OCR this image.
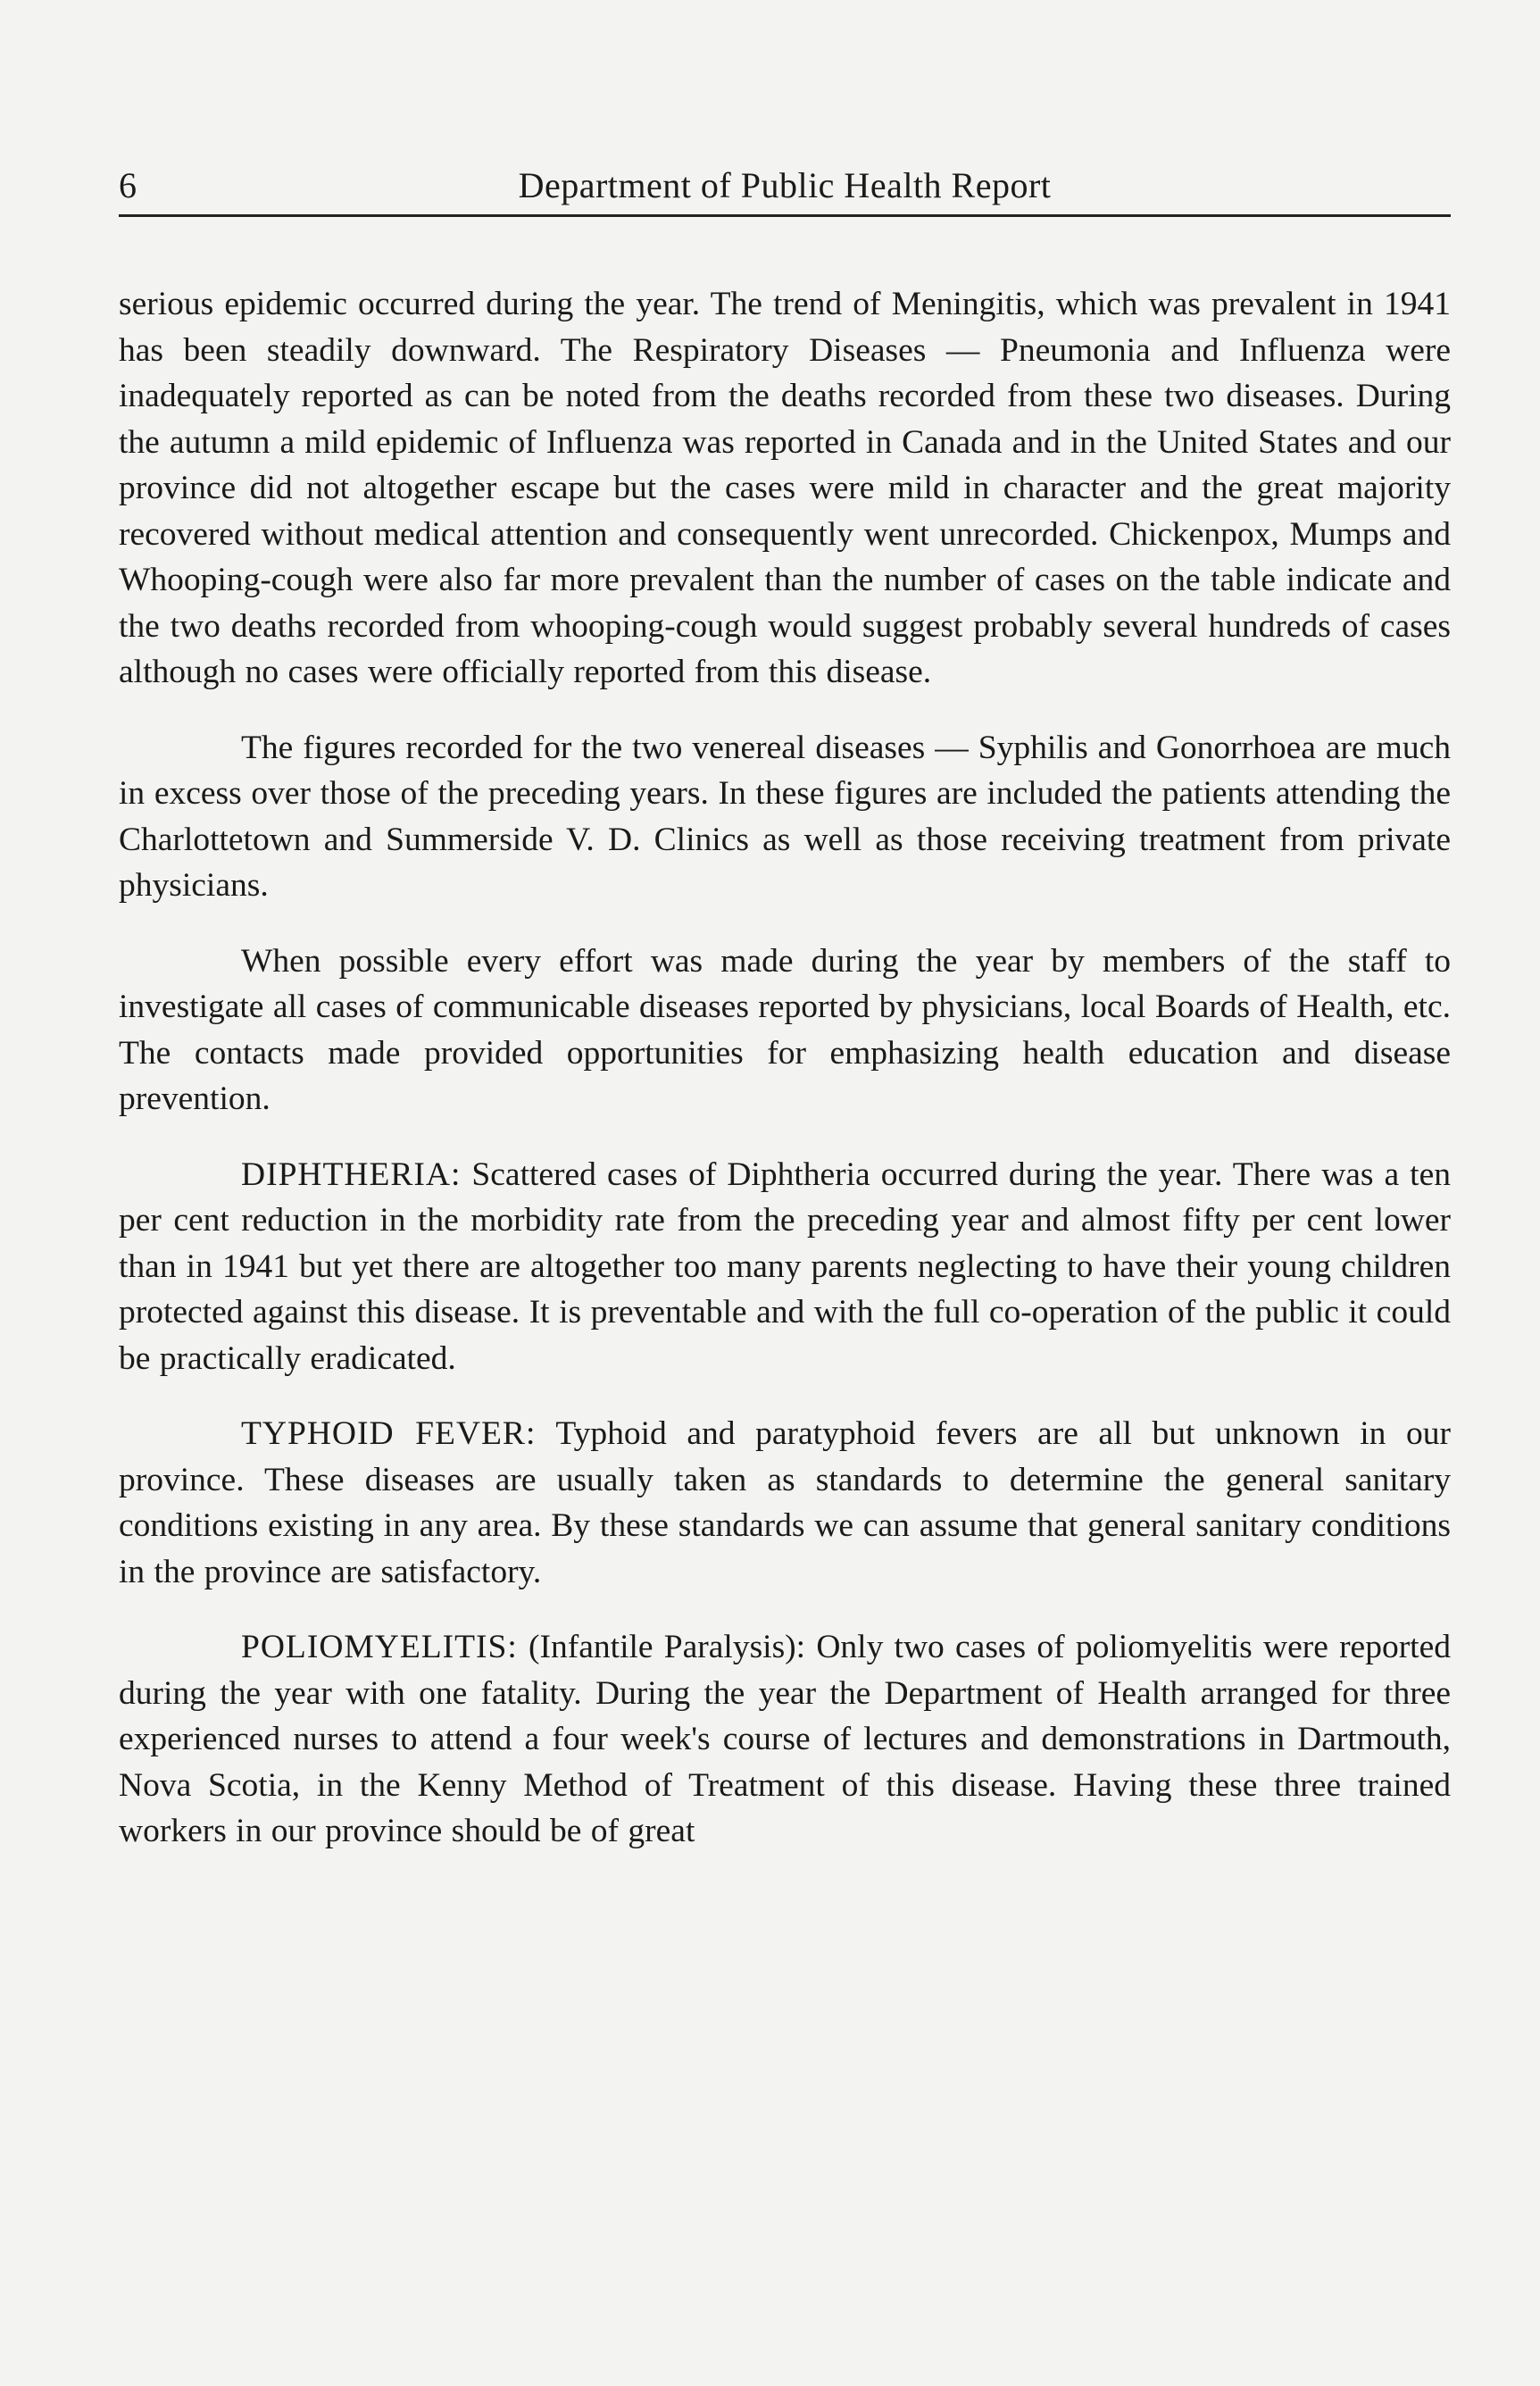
6	Department of Public Health Report

serious epidemic occurred during the year. The trend of Meningitis, which was prevalent in 1941 has been steadily downward. The Respiratory Diseases — Pneumonia and Influenza were inadequately reported as can be noted from the deaths recorded from these two diseases. During the autumn a mild epidemic of Influenza was reported in Canada and in the United States and our province did not altogether escape but the cases were mild in character and the great majority recovered without medical attention and consequently went unrecorded. Chickenpox, Mumps and Whooping-cough were also far more prevalent than the number of cases on the table indicate and the two deaths recorded from whooping-cough would suggest probably several hundreds of cases although no cases were officially reported from this disease.

The figures recorded for the two venereal diseases — Syphilis and Gonorrhoea are much in excess over those of the preceding years. In these figures are included the patients attending the Charlottetown and Summerside V. D. Clinics as well as those receiving treatment from private physicians.

When possible every effort was made during the year by members of the staff to investigate all cases of communicable diseases reported by physicians, local Boards of Health, etc. The contacts made provided opportunities for emphasizing health education and disease prevention.

DIPHTHERIA: Scattered cases of Diphtheria occurred during the year. There was a ten per cent reduction in the morbidity rate from the preceding year and almost fifty per cent lower than in 1941 but yet there are altogether too many parents neglecting to have their young children protected against this disease. It is preventable and with the full co-operation of the public it could be practically eradicated.

TYPHOID FEVER: Typhoid and paratyphoid fevers are all but unknown in our province. These diseases are usually taken as standards to determine the general sanitary conditions existing in any area. By these standards we can assume that general sanitary conditions in the province are satisfactory.

POLIOMYELITIS: (Infantile Paralysis): Only two cases of poliomyelitis were reported during the year with one fatality. During the year the Department of Health arranged for three experienced nurses to attend a four week's course of lectures and demonstrations in Dartmouth, Nova Scotia, in the Kenny Method of Treatment of this disease. Having these three trained workers in our province should be of great
